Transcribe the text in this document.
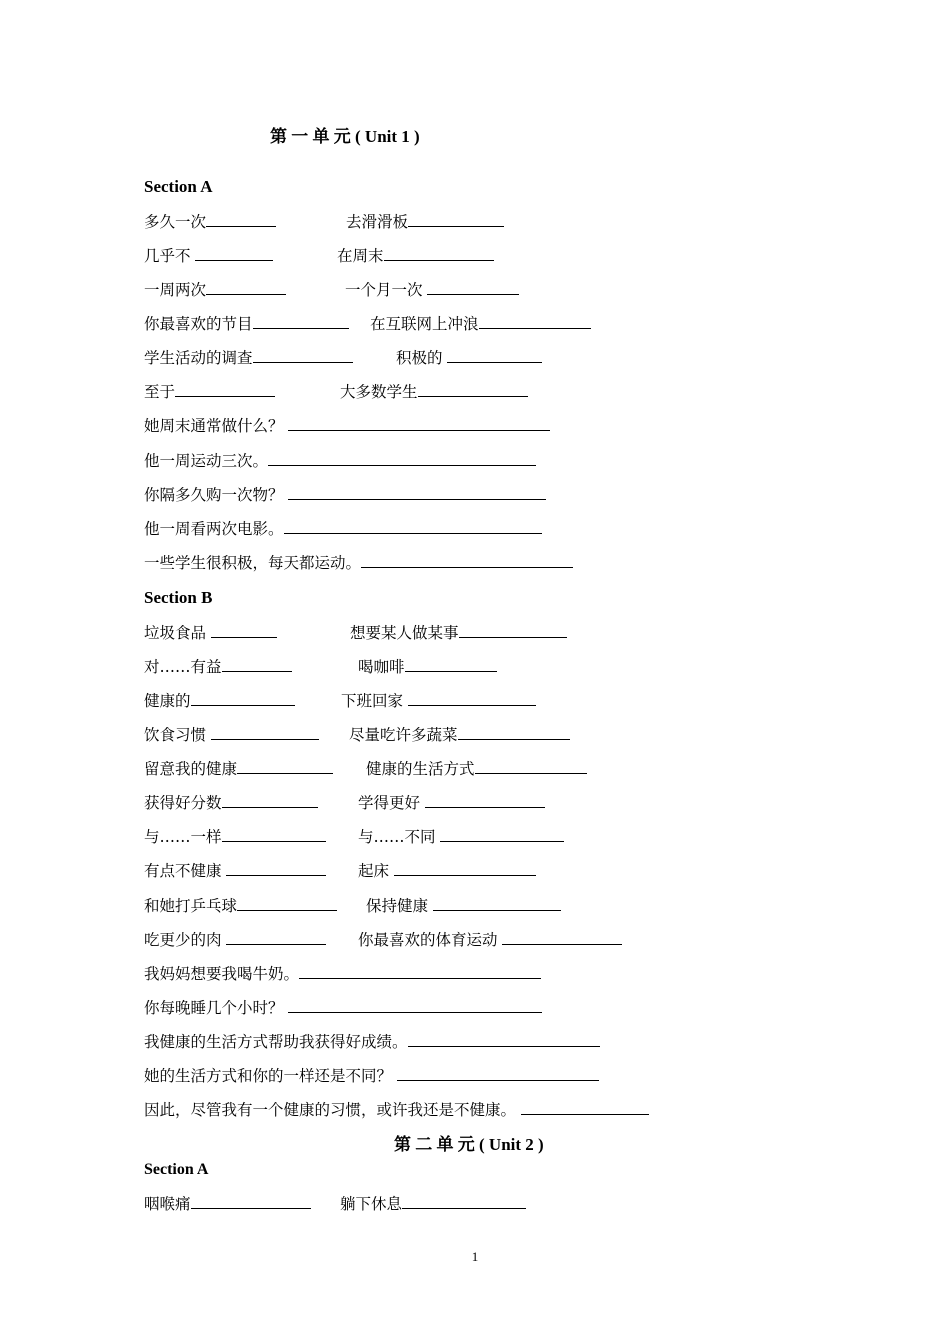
第 一 单 元 ( Unit 1 )
Section A
多久一次	去滑滑板
几乎不	在周末
一周两次	一个月一次
你最喜欢的节目	在互联网上冲浪
学生活动的调查	积极的
至于	大多数学生
她周末通常做什么？
他一周运动三次。
你隔多久购一次物？
他一周看两次电影。
一些学生很积极，每天都运动。
Section B
垃圾食品	想要某人做某事
对……有益	喝咖啡
健康的	下班回家
饮食习惯	尽量吃许多蔬菜
留意我的健康	健康的生活方式
获得好分数	学得更好
与……一样	与……不同
有点不健康	起床
和她打乒乓球	保持健康
吃更少的肉	你最喜欢的体育运动
我妈妈想要我喝牛奶。
你每晚睡几个小时？
我健康的生活方式帮助我获得好成绩。
她的生活方式和你的一样还是不同？
因此，尽管我有一个健康的习惯，或许我还是不健康。
第 二 单 元 ( Unit 2 )
Section A
咽喉痛	躺下休息
1
